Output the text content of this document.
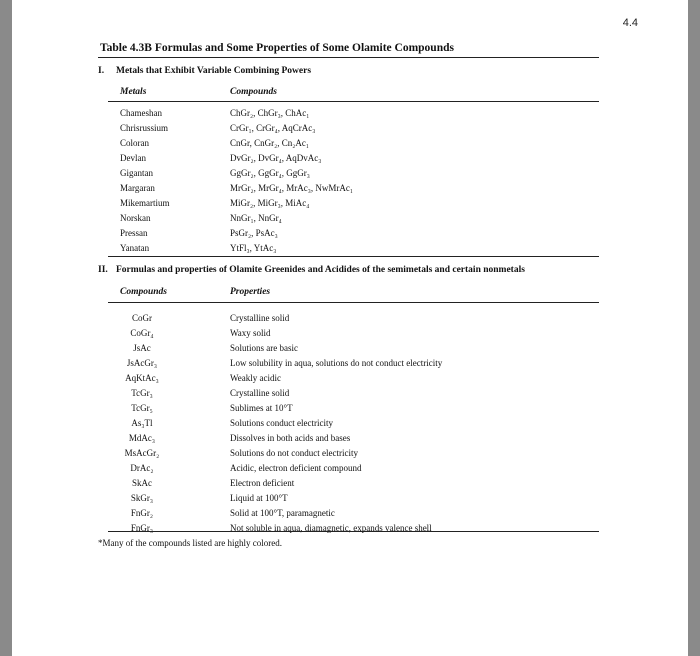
4.4
Table 4.3B Formulas and Some Properties of Some Olamite Compounds
I. Metals that Exhibit Variable Combining Powers
Metals	Compounds
Chameshan
Chrisrussium
Coloran
Devlan
Gigantan
Margaran
Mikemartium
Norskan
Pressan
Yanatan
ChGr₂, ChGr₃, ChAc₁
CrGr₁, CrGr₄, AqCrAc₃
CnGr, CnGr₂, Cn₂Ac₁
DvGr₂, DvGr₄, AqDvAc₃
GgGr₂, GgGr₄, GgGr₃
MrGr₂, MrGr₄, MrAc₃, NwMrAc₁
MiGr₂, MiGr₃, MiAc₄
NnGr₁, NnGr₄
PsGr₂, PsAc₃
YtFl₃, YtAc₃
II. Formulas and properties of Olamite Greenides and Acidides of the semimetals and certain nonmetals
Compounds	Properties
CoGr
CoGr₄
JsAc
JsAcGr₃
AqKtAc₃
TcGr₃
TcGr₅
As₃Tl
MdAc₃
MsAcGr₂
DrAc₂
SkAc
SkGr₃
FnGr₂
FnGr₃
Crystalline solid
Waxy solid
Solutions are basic
Low solubility in aqua, solutions do not conduct electricity
Weakly acidic
Crystalline solid
Sublimes at 10°T
Solutions conduct electricity
Dissolves in both acids and bases
Solutions do not conduct electricity
Acidic, electron deficient compound
Electron deficient
Liquid at 100°T
Solid at 100°T, paramagnetic
Not soluble in aqua, diamagnetic, expands valence shell
*Many of the compounds listed are highly colored.
